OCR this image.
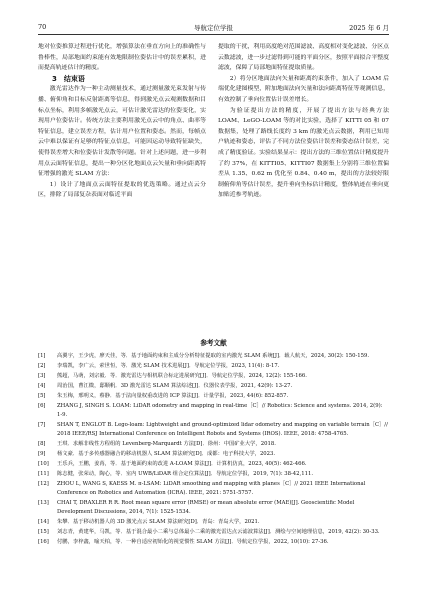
70	导航定位学报	2025 年 6 月

地对位姿推算过程进行优化，增强算法在垂直方向上的准确性与鲁棒性，局部地面约束能有效地限制位姿估计中的误差累积，进而提高轨迹估计的精度。

3　结束语

激光雷达作为一种主动测量技术，通过测量激光束发射与传播、俯仰角和目标反射距离等信息，得到激光点云观测数据和目标点坐标，利用多帧激光点云，可估计激光雷达的位姿变化，实现用户位姿估计。传统方法主要利用激光点云中的角点、曲率等特征信息，建立误差方程，估计用户位置和姿态。然而，每帧点云中难以保证有足够的特征点信息，可能因运动导致特征缺失，使得误差增大和位姿估计发散等问题。针对上述问题，进一步利用点云面特征信息，提出一种分区化地面点云矢量和垂向距离特征增强的激光 SLAM 方法：

1）设计了地面点云面特征提取的优选策略。通过点云分区，排除了局部复杂表面对临近平面

提取的干扰，利用高度绝对范围滤波、高度相对变化滤波、分区点云数滤波，进一步过滤得到可能的平面分区，按照平面拟合平整度滤波，保障了局部地面特征提取质量。

2）将分区地面法向矢量和距离约束条件，加入了 LOAM 后端优化建图模型，附加地面法向矢量和法向距离特征等观测信息，有效控制了垂向位置估计误差增长。

为验证提出方法的精度，开展了提出方法与经典方法 LOAM、LeGO-LOAM 等的对比实验，选择了 KITTI 05 和 07 数据集，处理了路线长度约 3 km 的激光点云数据，利用已知用户轨迹和姿态，评估了不同方法位姿估计误差和姿态估计误差，完成了精度验证。实验结果显示：提出方法的三维位置估计精度提升了约 37%，在 KITTI05、KITTI07 数据集上分别将三维位置偏差从 1.35、0.62 m 优化至 0.84、0.40 m，提出的方法较好限制俯仰角等估计误差，提升垂向坐标估计精度，整体轨迹在垂向更加贴近参考轨迹。

参考文献
[1] 高翼宇，王少虎，廖天佳，等．基于地面约束和主成分分析特征提取的室内激光 SLAM 系统[J]．载人航天，2024, 30(2): 150-159.
[2] 李瑞凯，李广云，索世恒，等．激光 SLAM 技术进展[J]．导航定位学报，2023, 11(4): 8-17.
[3] 熊超，马萌，刘宗毅．等．激光雷达与相机联合标定进展研究[J]．导航定位学报，2024, 12(2): 155-166.
[4] 周治国，曹江微，邸顺帆．3D 激光雷达 SLAM 算法综述[J]．仪器仪表学报，2021, 42(9): 13-27.
[5] 朱玉梅，邢明义，蔡静．基于法向量权重改进的 ICP 算法[J]．计量学报，2023, 44(6): 852-857.
[6] ZHANG J, SINGH S. LOAM: LiDAR odometry and mapping in real-time［C］// Robotics: Science and systems. 2014, 2(9): 1-9.
[7] SHAN T, ENGLOT B. Lego-loam: Lightweight and ground-optimized lidar odometry and mapping on variable terrain［C］// 2018 IEEE/RSJ International Conference on Intelligent Robots and Systems (IROS). IEEE, 2018: 4758-4765.
[8] 王琪．求解非线性方程组的 Levenberg-Marquardt 方法[D]．徐州：中国矿业大学，2018.
[9] 杨文豪．基于多传感器融合的移动机器人 SLAM 算法研究[D]．成都：电子科技大学，2023.
[10] 王乐兵，王鹏，姜苒，等．基于地面约束的改进 A-LOAM 算法[J]．计算机仿真，2023, 40(5): 462-466.
[11] 陈志健，张荣动，陶心，等．室内 UWB/LiDAR 组合定位算法[J]．导航定位学报，2019, 7(1): 38-42,111.
[12] ZHOU L, WANG S, KAESS M. π-LSAM: LiDAR smoothing and mapping with planes［C］// 2021 IEEE International Conference on Robotics and Automation (ICRA). IEEE, 2021: 5751-5757.
[13] CHAI T, DRAXLER R R. Root mean square error (RMSE) or mean absolute error (MAE)[J]. Geoscientific Model Development Discussions, 2014, 7(1): 1525-1534.
[14] 朱攀．基于移动机器人的 3D 激光点云 SLAM 算法研究[D]．青岛：青岛大学，2021.
[15] 刘志青，黄建华，马凯，等．基于混合最小二乘与总体最小二乘的激光雷达点云滤波算法[J]．测绘与空间地理信息，2019, 42(2): 30-33.
[16] 付鹏，李梓鑫，喻天柏，等．一种自适应初始化的视觉惯性 SLAM 方法[J]．导航定位学报，2022, 10(10): 27-36.
